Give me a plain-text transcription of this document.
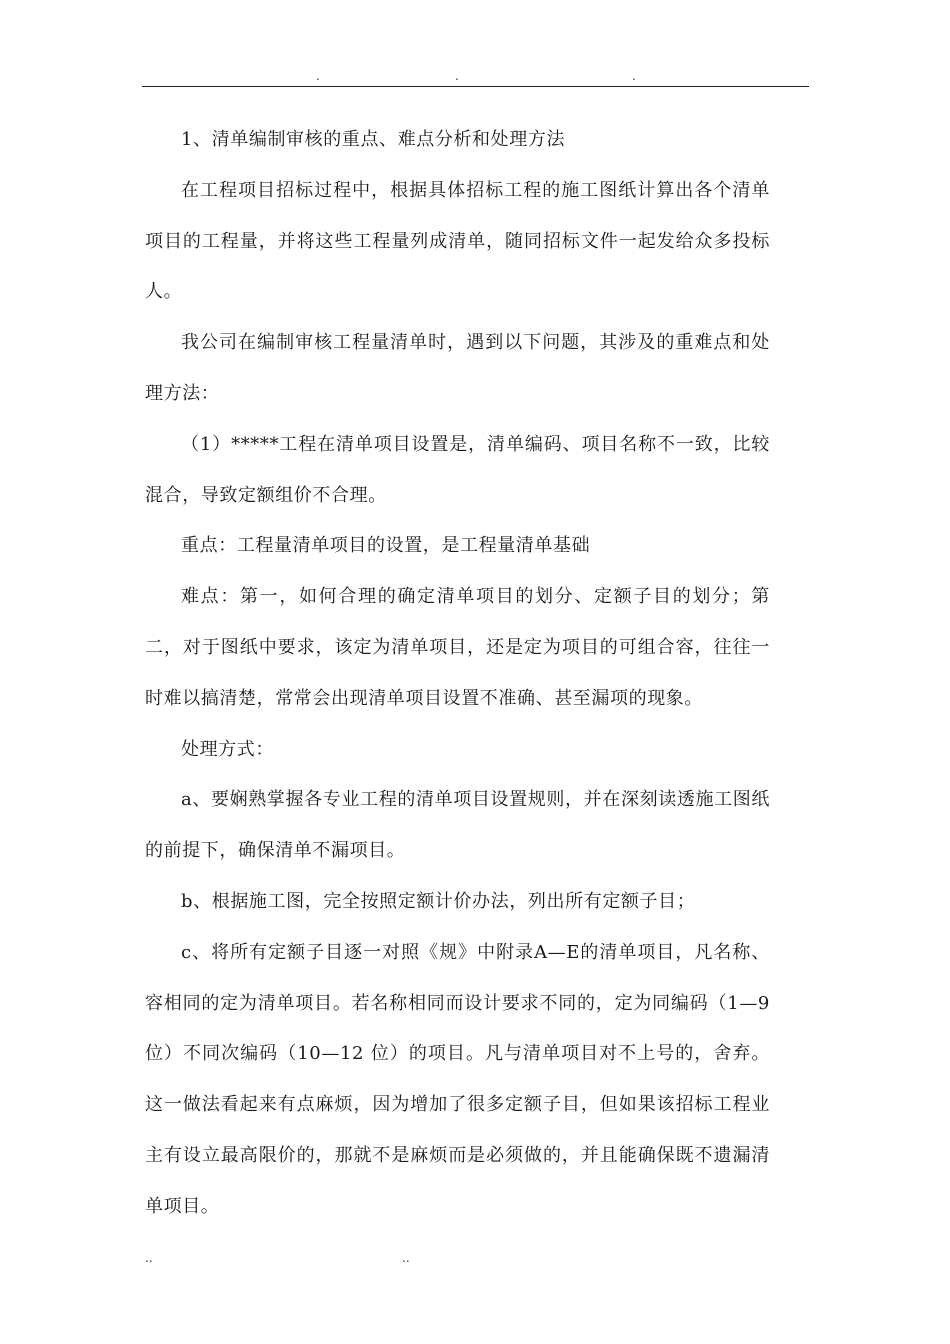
.	.	.

1、清单编制审核的重点、难点分析和处理方法

在工程项目招标过程中，根据具体招标工程的施工图纸计算出各个清单项目的工程量，并将这些工程量列成清单，随同招标文件一起发给众多投标人。

我公司在编制审核工程量清单时，遇到以下问题，其涉及的重难点和处理方法：

（1）*****工程在清单项目设置是，清单编码、项目名称不一致，比较混合，导致定额组价不合理。

重点：工程量清单项目的设置，是工程量清单基础

难点：第一，如何合理的确定清单项目的划分、定额子目的划分；第二，对于图纸中要求，该定为清单项目，还是定为项目的可组合容，往往一时难以搞清楚，常常会出现清单项目设置不准确、甚至漏项的现象。

处理方式：

a、要娴熟掌握各专业工程的清单项目设置规则，并在深刻读透施工图纸的前提下，确保清单不漏项目。

b、根据施工图，完全按照定额计价办法，列出所有定额子目；

c、将所有定额子目逐一对照《规》中附录A—E的清单项目，凡名称、容相同的定为清单项目。若名称相同而设计要求不同的，定为同编码（1—9位）不同次编码（10—12 位）的项目。凡与清单项目对不上号的，舍弃。这一做法看起来有点麻烦，因为增加了很多定额子目，但如果该招标工程业主有设立最高限价的，那就不是麻烦而是必须做的，并且能确保既不遗漏清单项目。

..	..
